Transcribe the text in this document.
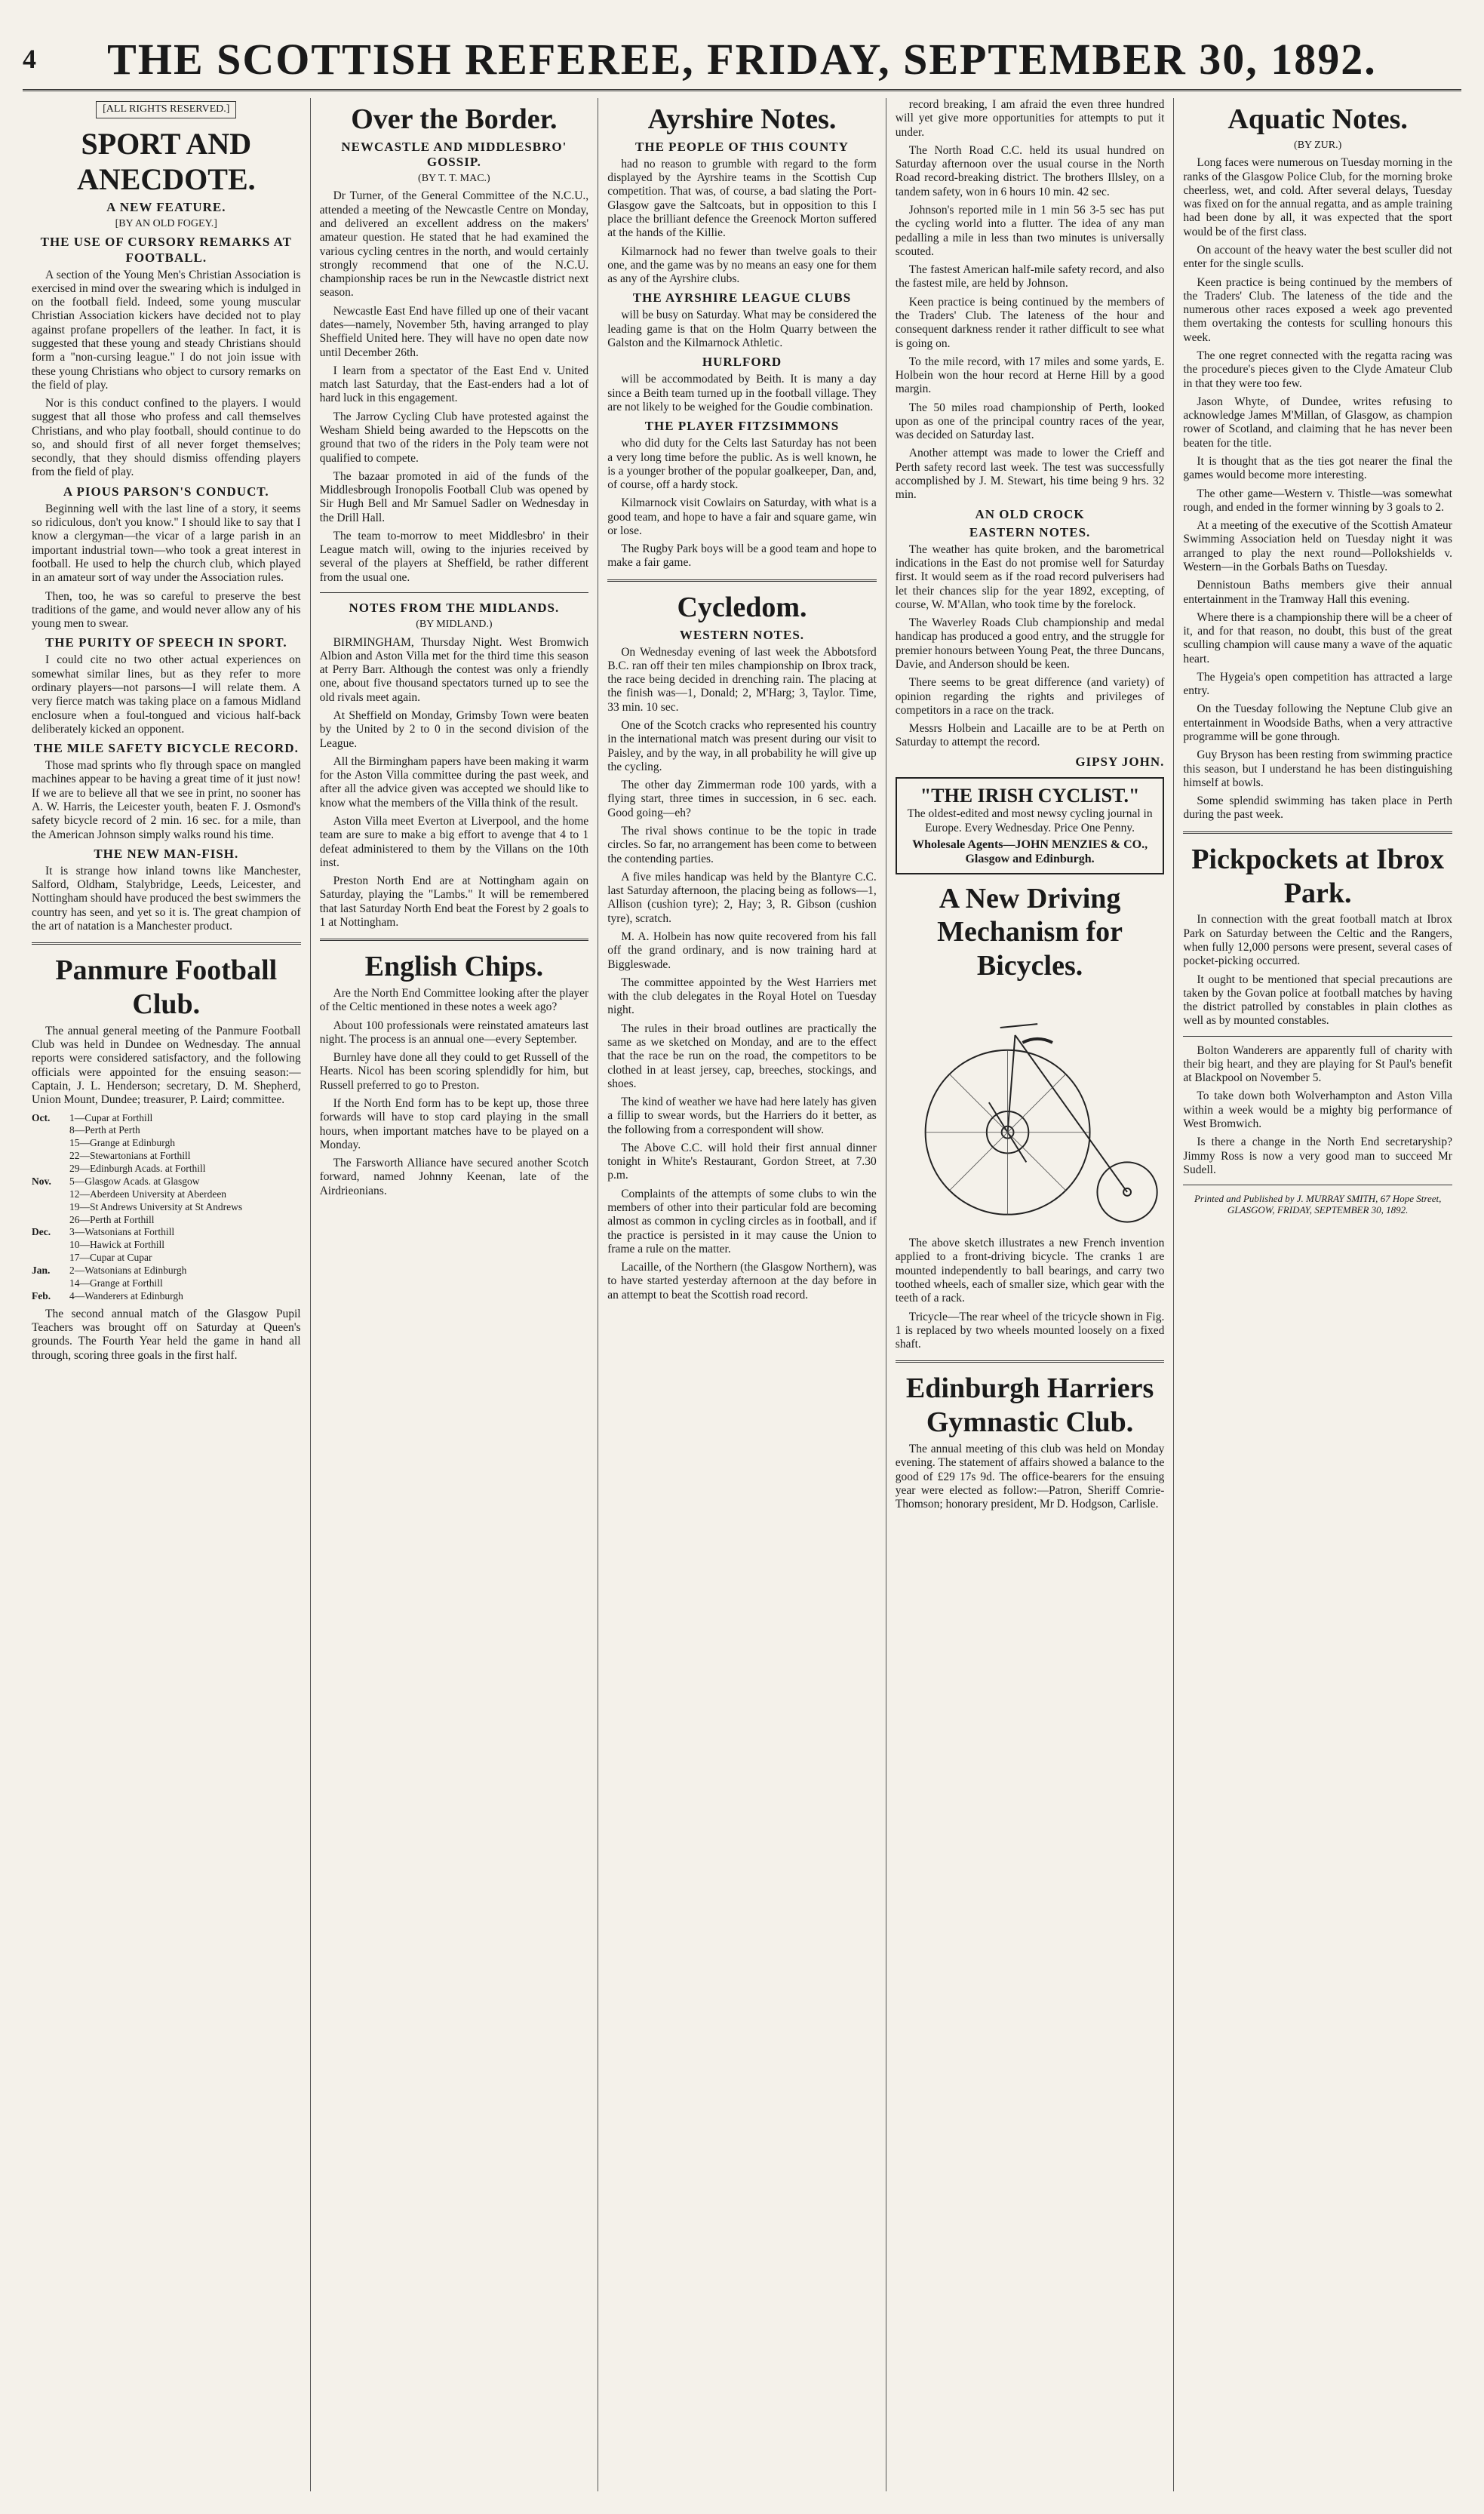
4	THE SCOTTISH REFEREE, FRIDAY, SEPTEMBER 30, 1892.
[ALL RIGHTS RESERVED.]
SPORT AND ANECDOTE.
A NEW FEATURE.
[BY AN OLD FOGEY.]
THE USE OF CURSORY REMARKS AT FOOTBALL.

A section of the Young Men's Christian Association is exercised in mind over the swearing which is indulged in on the football field. Indeed, some young muscular Christian Association kickers have decided not to play against profane propellers of the leather. In fact, it is suggested that these young and steady Christians should form a "non-cursing league." I do not join issue with these young Christians who object to cursory remarks on the field of play.

Nor is this conduct confined to the players. I would suggest that all those who profess and call themselves Christians, and who play football, should continue to do so, and should first of all never forget themselves; secondly, that they should dismiss offending players from the field of play.

A PIOUS PARSON'S CONDUCT.

Beginning well with the last line of a story, it seems so ridiculous, don't you know." I should like to say that I know a clergyman—the vicar of a large parish in an important industrial town—who took a great interest in football. He used to help the church club, which played in an amateur sort of way under the Association rules.

Then, too, he was so careful to preserve the best traditions of the game, and would never allow any of his young men to swear.

THE PURITY OF SPEECH IN SPORT.

I could cite no two other actual experiences on somewhat similar lines, but as they refer to more ordinary players—not parsons—I will relate them. A very fierce match was taking place on a famous Midland enclosure when a foul-tongued and vicious half-back deliberately kicked an opponent.

THE MILE SAFETY BICYCLE RECORD.

Those mad sprints who fly through space on mangled machines appear to be having a great time of it just now! If we are to believe all that we see in print, no sooner has A. W. Harris, the Leicester youth, beaten F. J. Osmond's safety bicycle record of 2 min. 16 sec. for a mile, than the American Johnson simply walks round his time.

THE NEW MAN-FISH.

It is strange how inland towns like Manchester, Salford, Oldham, Stalybridge, Leeds, Leicester, and Nottingham should have produced the best swimmers the country has seen, and yet so it is. The great champion of the art of natation is a Manchester product.

Panmure Football Club.

The annual general meeting of the Panmure Football Club was held in Dundee on Wednesday. The annual reports were considered satisfactory, and the following officials were appointed for the ensuing season:—Captain, J. L. Henderson; secretary, D. M. Shepherd, Union Mount, Dundee; treasurer, P. Laird; committee.

Oct.	1—Cupar at Forthill
8—Perth at Perth
15—Grange at Edinburgh
22—Stewartonians at Forthill
29—Edinburgh Acads. at Forthill
Nov.	5—Glasgow Acads. at Glasgow
12—Aberdeen University at Aberdeen
19—St Andrews University at St Andrews
26—Perth at Forthill
Dec.	3—Watsonians at Forthill
10—Hawick at Forthill
17—Cupar at Cupar
Jan.	2—Watsonians at Edinburgh
14—Grange at Forthill
Feb.	4—Wanderers at Edinburgh

The second annual match of the Glasgow Pupil Teachers was brought off on Saturday at Queen's grounds. The Fourth Year held the game in hand all through, scoring three goals in the first half.

Over the Border.
NEWCASTLE AND MIDDLESBRO' GOSSIP.
(BY T. T. MAC.)

Dr Turner, of the General Committee of the N.C.U., attended a meeting of the Newcastle Centre on Monday, and delivered an excellent address on the makers' amateur question. He stated that he had examined the various cycling centres in the north, and would certainly strongly recommend that one of the N.C.U. championship races be run in the Newcastle district next season.

Newcastle East End have filled up one of their vacant dates—namely, November 5th, having arranged to play Sheffield United here. They will have no open date now until December 26th.

I learn from a spectator of the East End v. United match last Saturday, that the East-enders had a lot of hard luck in this engagement.

The Jarrow Cycling Club have protested against the Wesham Shield being awarded to the Hepscotts on the ground that two of the riders in the Poly team were not qualified to compete.

The bazaar promoted in aid of the funds of the Middlesbrough Ironopolis Football Club was opened by Sir Hugh Bell and Mr Samuel Sadler on Wednesday in the Drill Hall.

The team to-morrow to meet Middlesbro' in their League match will, owing to the injuries received by several of the players at Sheffield, be rather different from the usual one.

NOTES FROM THE MIDLANDS.
(BY MIDLAND.)

BIRMINGHAM, Thursday Night. West Bromwich Albion and Aston Villa met for the third time this season at Perry Barr. Although the contest was only a friendly one, about five thousand spectators turned up to see the old rivals meet again.

At Sheffield on Monday, Grimsby Town were beaten by the United by 2 to 0 in the second division of the League.

All the Birmingham papers have been making it warm for the Aston Villa committee during the past week, and after all the advice given was accepted we should like to know what the members of the Villa think of the result.

Aston Villa meet Everton at Liverpool, and the home team are sure to make a big effort to avenge that 4 to 1 defeat administered to them by the Villans on the 10th inst.

Preston North End are at Nottingham again on Saturday, playing the "Lambs." It will be remembered that last Saturday North End beat the Forest by 2 goals to 1 at Nottingham.

English Chips.

Are the North End Committee looking after the player of the Celtic mentioned in these notes a week ago?

About 100 professionals were reinstated amateurs last night. The process is an annual one—every September.

Burnley have done all they could to get Russell of the Hearts. Nicol has been scoring splendidly for him, but Russell preferred to go to Preston.

If the North End form has to be kept up, those three forwards will have to stop card playing in the small hours, when important matches have to be played on a Monday.

The Farsworth Alliance have secured another Scotch forward, named Johnny Keenan, late of the Airdrieonians.

Ayrshire Notes.
THE PEOPLE OF THIS COUNTY

had no reason to grumble with regard to the form displayed by the Ayrshire teams in the Scottish Cup competition. That was, of course, a bad slating the Port-Glasgow gave the Saltcoats, but in opposition to this I place the brilliant defence the Greenock Morton suffered at the hands of the Killie.

Kilmarnock had no fewer than twelve goals to their one, and the game was by no means an easy one for them as any of the Ayrshire clubs.

THE AYRSHIRE LEAGUE CLUBS

will be busy on Saturday. What may be considered the leading game is that on the Holm Quarry between the Galston and the Kilmarnock Athletic.

HURLFORD

will be accommodated by Beith. It is many a day since a Beith team turned up in the football village. They are not likely to be weighed for the Goudie combination.

THE PLAYER FITZSIMMONS

who did duty for the Celts last Saturday has not been a very long time before the public. As is well known, he is a younger brother of the popular goalkeeper, Dan, and, of course, off a hardy stock.

Kilmarnock visit Cowlairs on Saturday, with what is a good team, and hope to have a fair and square game, win or lose.

The Rugby Park boys will be a good team and hope to make a fair game.

Cycledom.
WESTERN NOTES.

On Wednesday evening of last week the Abbotsford B.C. ran off their ten miles championship on Ibrox track, the race being decided in drenching rain. The placing at the finish was—1, Donald; 2, M'Harg; 3, Taylor. Time, 33 min. 10 sec.

One of the Scotch cracks who represented his country in the international match was present during our visit to Paisley, and by the way, in all probability he will give up the cycling.

The other day Zimmerman rode 100 yards, with a flying start, three times in succession, in 6 sec. each. Good going—eh?

The rival shows continue to be the topic in trade circles. So far, no arrangement has been come to between the contending parties.

A five miles handicap was held by the Blantyre C.C. last Saturday afternoon, the placing being as follows—1, Allison (cushion tyre); 2, Hay; 3, R. Gibson (cushion tyre), scratch.

M. A. Holbein has now quite recovered from his fall off the grand ordinary, and is now training hard at Biggleswade.

The committee appointed by the West Harriers met with the club delegates in the Royal Hotel on Tuesday night.

The rules in their broad outlines are practically the same as we sketched on Monday, and are to the effect that the race be run on the road, the competitors to be clothed in at least jersey, cap, breeches, stockings, and shoes.

The kind of weather we have had here lately has given a fillip to swear words, but the Harriers do it better, as the following from a correspondent will show.

The Above C.C. will hold their first annual dinner tonight in White's Restaurant, Gordon Street, at 7.30 p.m.

Complaints of the attempts of some clubs to win the members of other into their particular fold are becoming almost as common in cycling circles as in football, and if the practice is persisted in it may cause the Union to frame a rule on the matter.

Lacaille, of the Northern (the Glasgow Northern), was to have started yesterday afternoon at the day before in an attempt to beat the Scottish road record.

record breaking, I am afraid the even three hundred will yet give more opportunities for attempts to put it under.

The North Road C.C. held its usual hundred on Saturday afternoon over the usual course in the North Road record-breaking district. The brothers Illsley, on a tandem safety, won in 6 hours 10 min. 42 sec.

Johnson's reported mile in 1 min 56 3-5 sec has put the cycling world into a flutter. The idea of any man pedalling a mile in less than two minutes is universally scouted.

The fastest American half-mile safety record, and also the fastest mile, are held by Johnson.

Keen practice is being continued by the members of the Traders' Club. The lateness of the hour and consequent darkness render it rather difficult to see what is going on.

To the mile record, with 17 miles and some yards, E. Holbein won the hour record at Herne Hill by a good margin.

The 50 miles road championship of Perth, looked upon as one of the principal country races of the year, was decided on Saturday last.

Another attempt was made to lower the Crieff and Perth safety record last week. The test was successfully accomplished by J. M. Stewart, his time being 9 hrs. 32 min.

AN OLD CROCK
EASTERN NOTES.

The weather has quite broken, and the barometrical indications in the East do not promise well for Saturday first. It would seem as if the road record pulverisers had let their chances slip for the year 1892, excepting, of course, W. M'Allan, who took time by the forelock.

The Waverley Roads Club championship and medal handicap has produced a good entry, and the struggle for premier honours between Young Peat, the three Duncans, Davie, and Anderson should be keen.

There seems to be great difference (and variety) of opinion regarding the rights and privileges of competitors in a race on the track.

Messrs Holbein and Lacaille are to be at Perth on Saturday to attempt the record.

GIPSY JOHN.
"THE IRISH CYCLIST."
The oldest-edited and most newsy cycling journal in Europe. Every Wednesday. Price One Penny.
Wholesale Agents—JOHN MENZIES & CO., Glasgow and Edinburgh.
A New Driving Mechanism for Bicycles.

The above sketch illustrates a new French invention applied to a front-driving bicycle. The cranks 1 are mounted independently to ball bearings, and carry two toothed wheels, each of smaller size, which gear with the teeth of a rack.

Tricycle—The rear wheel of the tricycle shown in Fig. 1 is replaced by two wheels mounted loosely on a fixed shaft.

Edinburgh Harriers Gymnastic Club.

The annual meeting of this club was held on Monday evening. The statement of affairs showed a balance to the good of £29 17s 9d. The office-bearers for the ensuing year were elected as follow:—Patron, Sheriff Comrie-Thomson; honorary president, Mr D. Hodgson, Carlisle.

Aquatic Notes.
(BY ZUR.)

Long faces were numerous on Tuesday morning in the ranks of the Glasgow Police Club, for the morning broke cheerless, wet, and cold. After several delays, Tuesday was fixed on for the annual regatta, and as ample training had been done by all, it was expected that the sport would be of the first class.

On account of the heavy water the best sculler did not enter for the single sculls.

Keen practice is being continued by the members of the Traders' Club. The lateness of the tide and the numerous other races exposed a week ago prevented them overtaking the contests for sculling honours this week.

The one regret connected with the regatta racing was the procedure's pieces given to the Clyde Amateur Club in that they were too few.

Jason Whyte, of Dundee, writes refusing to acknowledge James M'Millan, of Glasgow, as champion rower of Scotland, and claiming that he has never been beaten for the title.

It is thought that as the ties got nearer the final the games would become more interesting.

The other game—Western v. Thistle—was somewhat rough, and ended in the former winning by 3 goals to 2.

At a meeting of the executive of the Scottish Amateur Swimming Association held on Tuesday night it was arranged to play the next round—Pollokshields v. Western—in the Gorbals Baths on Tuesday.

Dennistoun Baths members give their annual entertainment in the Tramway Hall this evening.

Where there is a championship there will be a cheer of it, and for that reason, no doubt, this bust of the great sculling champion will cause many a wave of the aquatic heart.

The Hygeia's open competition has attracted a large entry.

On the Tuesday following the Neptune Club give an entertainment in Woodside Baths, when a very attractive programme will be gone through.

Guy Bryson has been resting from swimming practice this season, but I understand he has been distinguishing himself at bowls.

Some splendid swimming has taken place in Perth during the past week.

Pickpockets at Ibrox Park.

In connection with the great football match at Ibrox Park on Saturday between the Celtic and the Rangers, when fully 12,000 persons were present, several cases of pocket-picking occurred.

It ought to be mentioned that special precautions are taken by the Govan police at football matches by having the district patrolled by constables in plain clothes as well as by mounted constables.

Bolton Wanderers are apparently full of charity with their big heart, and they are playing for St Paul's benefit at Blackpool on November 5.

To take down both Wolverhampton and Aston Villa within a week would be a mighty big performance of West Bromwich.

Is there a change in the North End secretaryship? Jimmy Ross is now a very good man to succeed Mr Sudell.

Printed and Published by J. MURRAY SMITH, 67 Hope Street, GLASGOW, FRIDAY, SEPTEMBER 30, 1892.
